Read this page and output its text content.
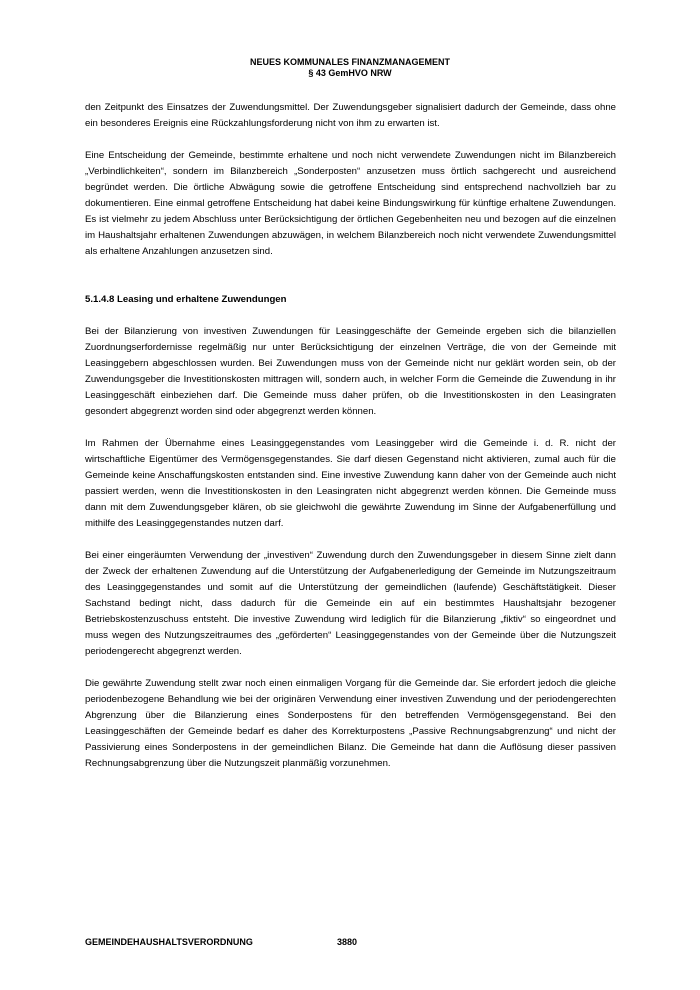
NEUES KOMMUNALES FINANZMANAGEMENT
§ 43 GemHVO NRW

den Zeitpunkt des Einsatzes der Zuwendungsmittel. Der Zuwendungsgeber signalisiert dadurch der Gemeinde, dass ohne ein besonderes Ereignis eine Rückzahlungsforderung nicht von ihm zu erwarten ist.

Eine Entscheidung der Gemeinde, bestimmte erhaltene und noch nicht verwendete Zuwendungen nicht im Bilanzbereich „Verbindlichkeiten“, sondern im Bilanzbereich „Sonderposten“ anzusetzen muss örtlich sachgerecht und ausreichend begründet werden. Die örtliche Abwägung sowie die getroffene Entscheidung sind entsprechend nachvollzieh bar zu dokumentieren. Eine einmal getroffene Entscheidung hat dabei keine Bindungswirkung für künftige erhaltene Zuwendungen. Es ist vielmehr zu jedem Abschluss unter Berücksichtigung der örtlichen Gegebenheiten neu und bezogen auf die einzelnen im Haushaltsjahr erhaltenen Zuwendungen abzuwägen, in welchem Bilanzbereich noch nicht verwendete Zuwendungsmittel als erhaltene Anzahlungen anzusetzen sind.

5.1.4.8 Leasing und erhaltene Zuwendungen

Bei der Bilanzierung von investiven Zuwendungen für Leasinggeschäfte der Gemeinde ergeben sich die bilanziellen Zuordnungserfordernisse regelmäßig nur unter Berücksichtigung der einzelnen Verträge, die von der Gemeinde mit Leasinggebern abgeschlossen wurden. Bei Zuwendungen muss von der Gemeinde nicht nur geklärt worden sein, ob der Zuwendungsgeber die Investitionskosten mittragen will, sondern auch, in welcher Form die Gemeinde die Zuwendung in ihr Leasinggeschäft einbeziehen darf. Die Gemeinde muss daher prüfen, ob die Investitionskosten in den Leasingraten gesondert abgegrenzt worden sind oder abgegrenzt werden können.

Im Rahmen der Übernahme eines Leasinggegenstandes vom Leasinggeber wird die Gemeinde i. d. R. nicht der wirtschaftliche Eigentümer des Vermögensgegenstandes. Sie darf diesen Gegenstand nicht aktivieren, zumal auch für die Gemeinde keine Anschaffungskosten entstanden sind. Eine investive Zuwendung kann daher von der Gemeinde auch nicht passiert werden, wenn die Investitionskosten in den Leasingraten nicht abgegrenzt werden können. Die Gemeinde muss dann mit dem Zuwendungsgeber klären, ob sie gleichwohl die gewährte Zuwendung im Sinne der Aufgabenerfüllung und mithilfe des Leasinggegenstandes nutzen darf.

Bei einer eingeräumten Verwendung der „investiven“ Zuwendung durch den Zuwendungsgeber in diesem Sinne zielt dann der Zweck der erhaltenen Zuwendung auf die Unterstützung der Aufgabenerledigung der Gemeinde im Nutzungszeitraum des Leasinggegenstandes und somit auf die Unterstützung der gemeindlichen (laufende) Geschäftstätigkeit. Dieser Sachstand bedingt nicht, dass dadurch für die Gemeinde ein auf ein bestimmtes Haushaltsjahr bezogener Betriebskostenzuschuss entsteht. Die investive Zuwendung wird lediglich für die Bilanzierung „fiktiv“ so eingeordnet und muss wegen des Nutzungszeitraumes des „geförderten“ Leasinggegenstandes von der Gemeinde über die Nutzungszeit periodengerecht abgegrenzt werden.

Die gewährte Zuwendung stellt zwar noch einen einmaligen Vorgang für die Gemeinde dar. Sie erfordert jedoch die gleiche periodenbezogene Behandlung wie bei der originären Verwendung einer investiven Zuwendung und der periodengerechten Abgrenzung über die Bilanzierung eines Sonderpostens für den betreffenden Vermögensgegenstand. Bei den Leasinggeschäften der Gemeinde bedarf es daher des Korrekturpostens „Passive Rechnungsabgrenzung“ und nicht der Passivierung eines Sonderpostens in der gemeindlichen Bilanz. Die Gemeinde hat dann die Auflösung dieser passiven Rechnungsabgrenzung über die Nutzungszeit planmäßig vorzunehmen.

GEMEINDEHAUSHALTSVERORDNUNG	3880
